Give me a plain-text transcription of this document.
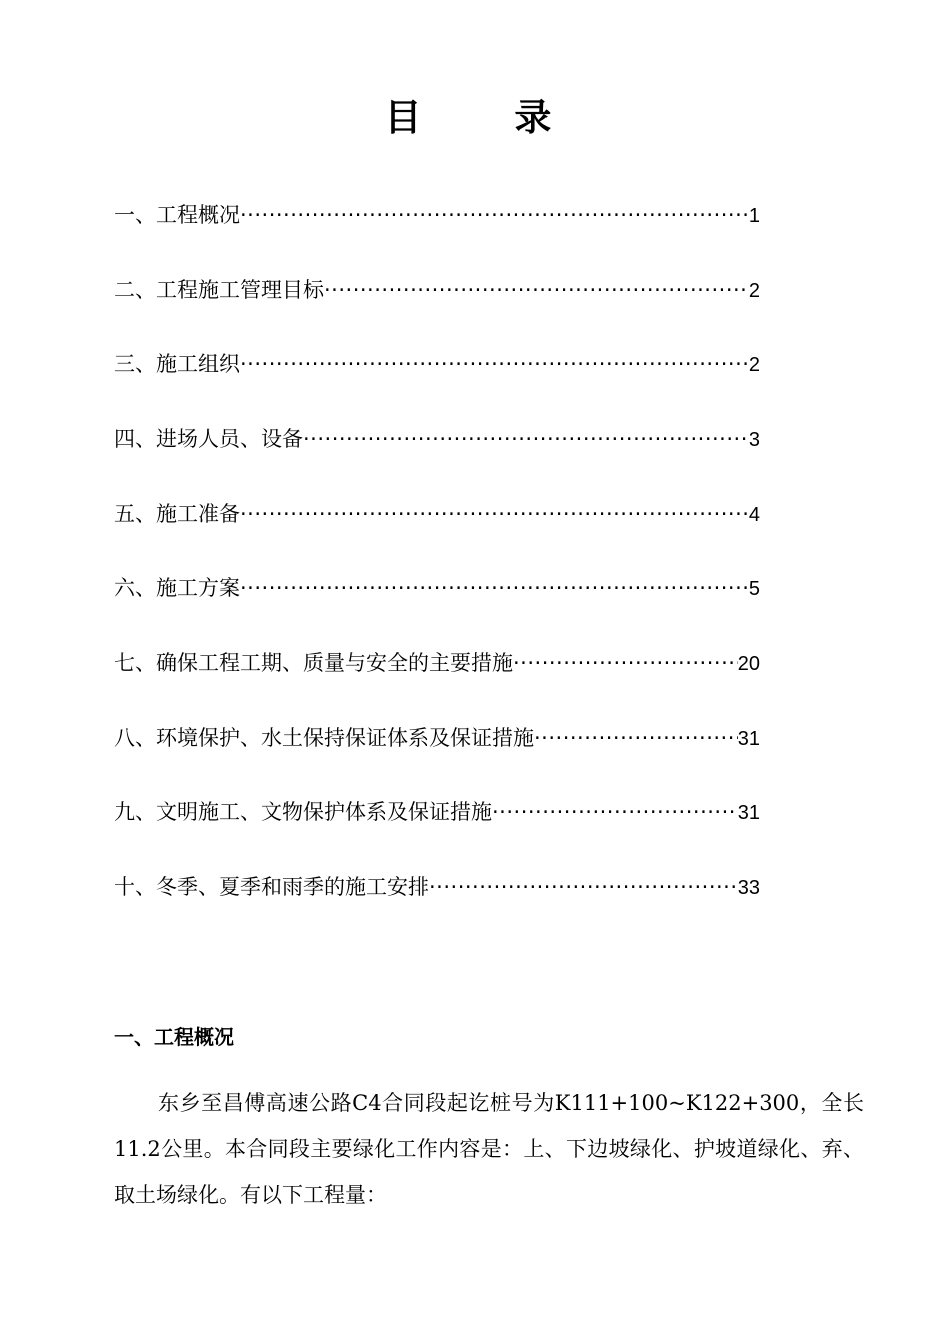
目 录
一、工程概况 ·····	1
二、工程施工管理目标 ·····	2
三、施工组织 ·····	2
四、进场人员、设备 ·····	3
五、施工准备 ·····	4
六、施工方案 ·····	5
七、确保工程工期、质量与安全的主要措施 ·····	20
八、环境保护、水土保持保证体系及保证措施 ·····	31
九、文明施工、文物保护体系及保证措施 ·····	31
十、冬季、夏季和雨季的施工安排 ·····	33
一、工程概况

东乡至昌傅高速公路C4合同段起讫桩号为K111+100~K122+300，全长11.2公里。本合同段主要绿化工作内容是：上、下边坡绿化、护坡道绿化、弃、取土场绿化。有以下工程量：
